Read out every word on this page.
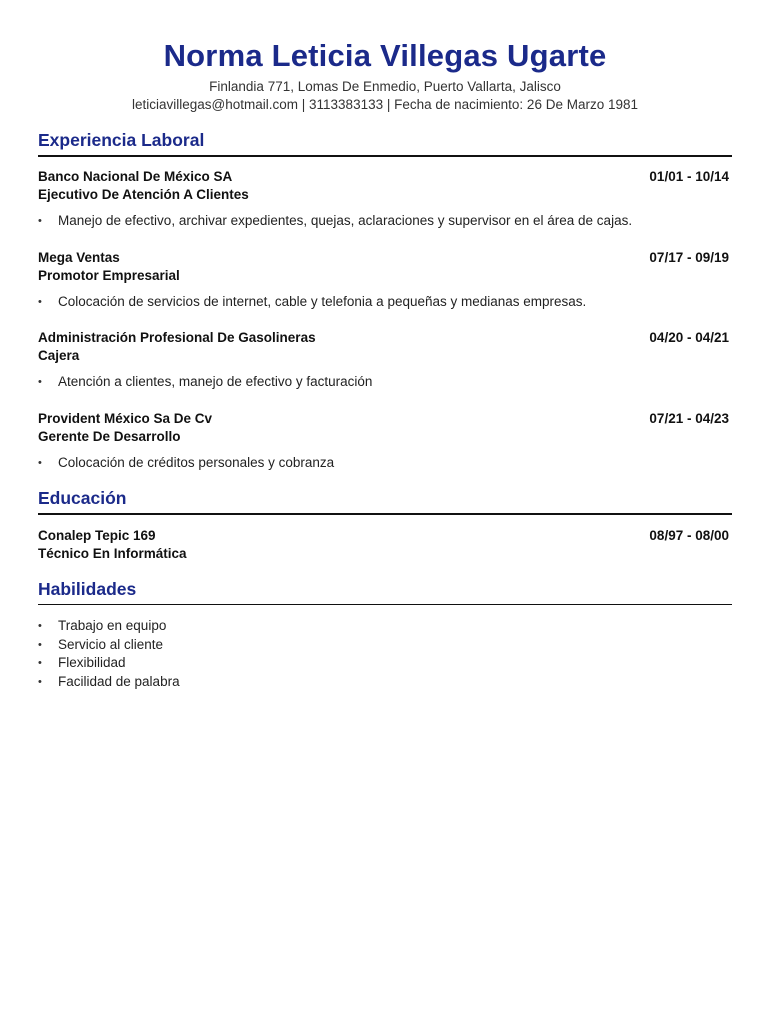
Norma Leticia Villegas Ugarte
Finlandia 771, Lomas De Enmedio, Puerto Vallarta, Jalisco
leticiavillegas@hotmail.com | 3113383133 | Fecha de nacimiento: 26 De Marzo 1981
Experiencia Laboral
Banco Nacional De México SA	01/01 - 10/14
Ejecutivo De Atención A Clientes
• Manejo de efectivo, archivar expedientes, quejas, aclaraciones y supervisor en el área de cajas.
Mega Ventas	07/17 - 09/19
Promotor Empresarial
• Colocación de servicios de internet, cable y telefonia a pequeñas y medianas empresas.
Administración Profesional De Gasolineras	04/20 - 04/21
Cajera
• Atención a clientes, manejo de efectivo y facturación
Provident México Sa De Cv	07/21 - 04/23
Gerente De Desarrollo
• Colocación de créditos personales y cobranza
Educación
Conalep Tepic 169	08/97 - 08/00
Técnico En Informática
Habilidades
• Trabajo en equipo
• Servicio al cliente
• Flexibilidad
• Facilidad de palabra
